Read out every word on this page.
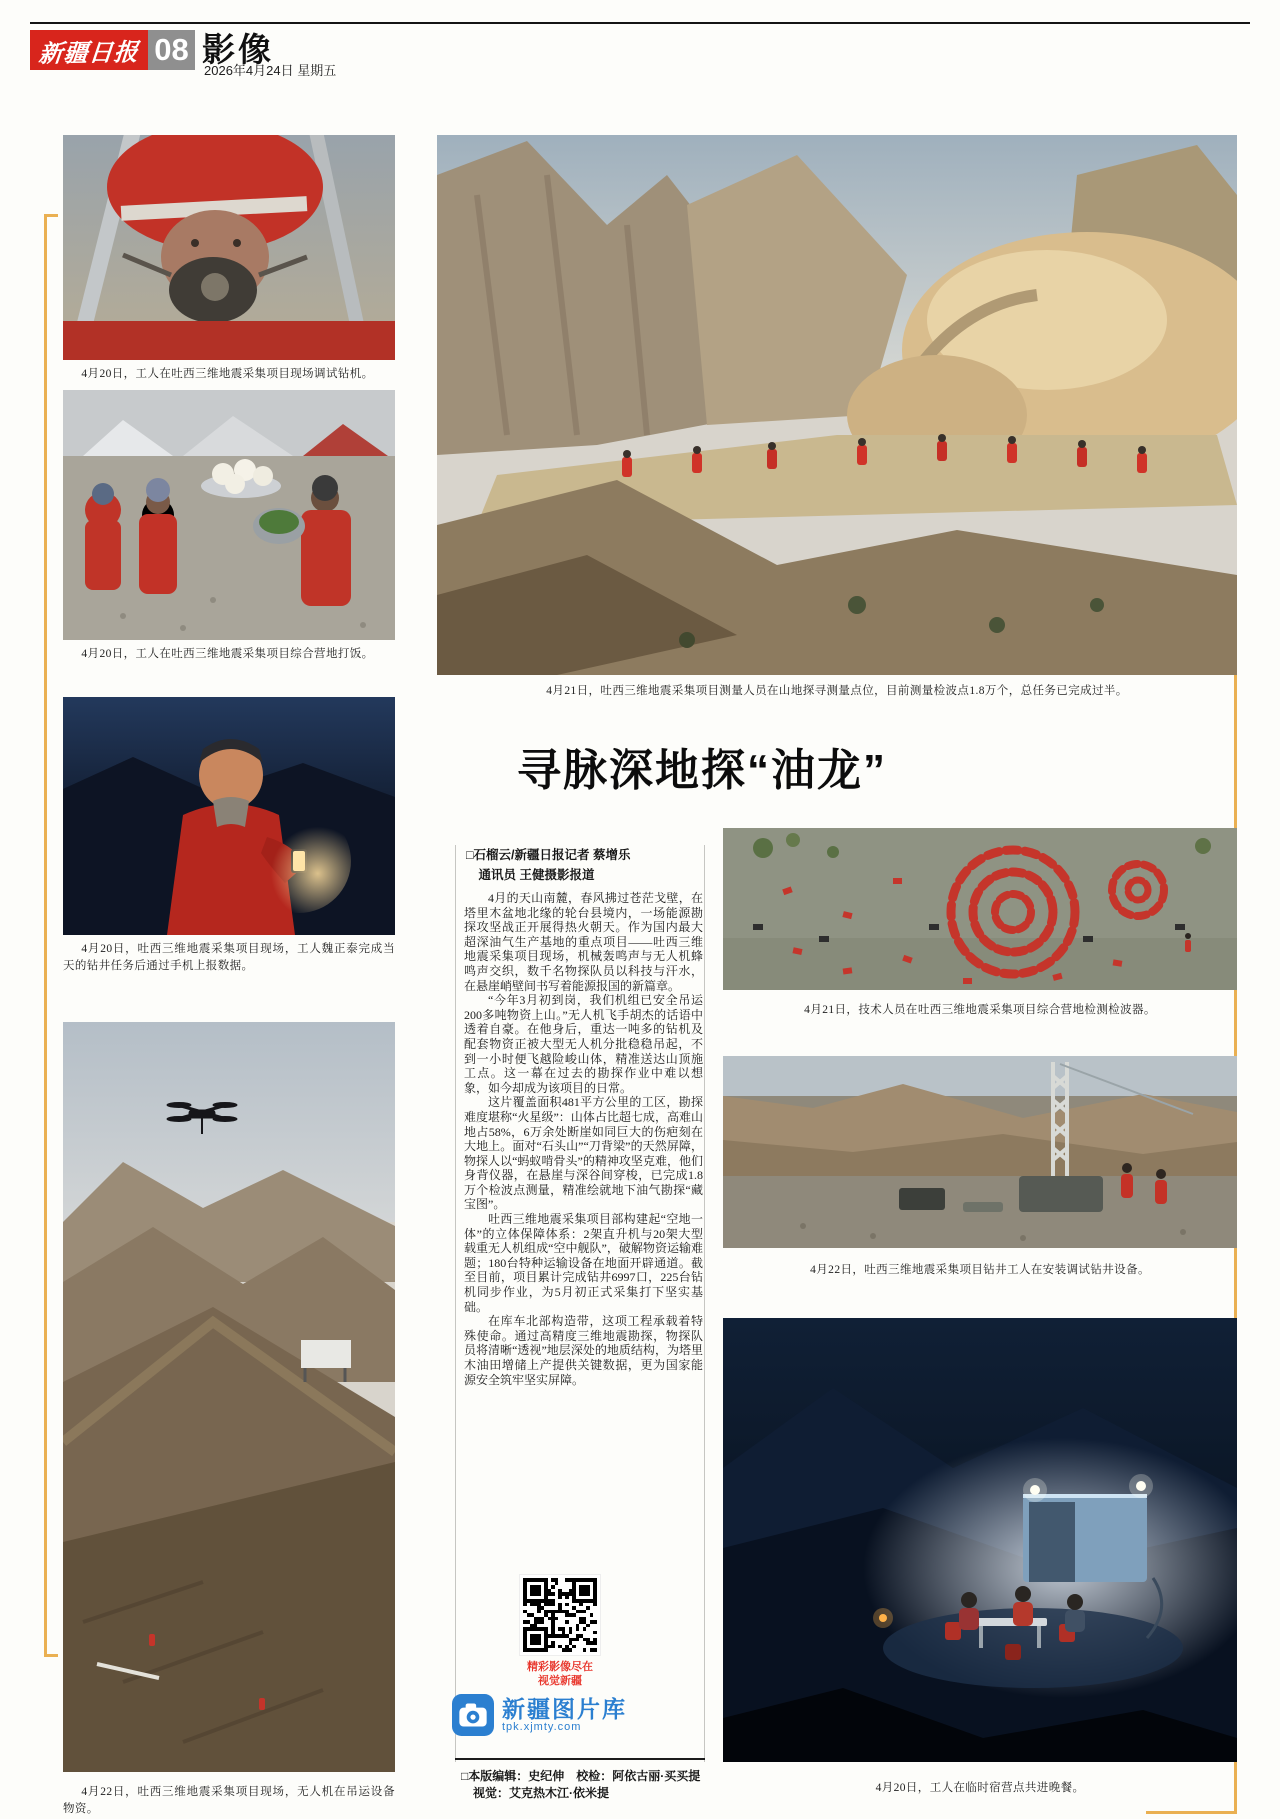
新疆日报 08 影像
2026年4月24日 星期五
4月20日，工人在吐西三维地震采集项目现场调试钻机。
4月20日，工人在吐西三维地震采集项目综合营地打饭。
4月20日，吐西三维地震采集项目现场，工人魏正泰完成当天的钻井任务后通过手机上报数据。
4月22日，吐西三维地震采集项目现场，无人机在吊运设备物资。
4月21日，吐西三维地震采集项目测量人员在山地探寻测量点位，目前测量检波点1.8万个，总任务已完成过半。
寻脉深地探“油龙”
□石榴云/新疆日报记者 蔡增乐
通讯员 王健摄影报道

4月的天山南麓，春风拂过苍茫戈壁，在塔里木盆地北缘的轮台县境内，一场能源勘探攻坚战正开展得热火朝天。作为国内最大超深油气生产基地的重点项目——吐西三维地震采集项目现场，机械轰鸣声与无人机蜂鸣声交织，数千名物探队员以科技与汗水，在悬崖峭壁间书写着能源报国的新篇章。

“今年3月初到岗，我们机组已安全吊运200多吨物资上山。”无人机飞手胡杰的话语中透着自豪。在他身后，重达一吨多的钻机及配套物资正被大型无人机分批稳稳吊起，不到一小时便飞越险峻山体，精准送达山顶施工点。这一幕在过去的勘探作业中难以想象，如今却成为该项目的日常。

这片覆盖面积481平方公里的工区，勘探难度堪称“火星级”：山体占比超七成，高难山地占58%，6万余处断崖如同巨大的伤疤刻在大地上。面对“石头山”“刀背梁”的天然屏障，物探人以“蚂蚁啃骨头”的精神攻坚克难，他们身背仪器，在悬崖与深谷间穿梭，已完成1.8万个检波点测量，精准绘就地下油气勘探“藏宝图”。

吐西三维地震采集项目部构建起“空地一体”的立体保障体系：2架直升机与20架大型载重无人机组成“空中舰队”，破解物资运输难题；180台特种运输设备在地面开辟通道。截至目前，项目累计完成钻井6997口，225台钻机同步作业，为5月初正式采集打下坚实基础。

在库车北部构造带，这项工程承载着特殊使命。通过高精度三维地震勘探，物探队员将清晰“透视”地层深处的地质结构，为塔里木油田增储上产提供关键数据，更为国家能源安全筑牢坚实屏障。

精彩影像尽在
视觉新疆
新疆图片库
tpk.xjmty.com
□本版编辑：史纪伸　校检：阿依古丽·买买提
视觉：艾克热木江·依米提
4月21日，技术人员在吐西三维地震采集项目综合营地检测检波器。
4月22日，吐西三维地震采集项目钻井工人在安装调试钻井设备。
4月20日，工人在临时宿营点共进晚餐。
